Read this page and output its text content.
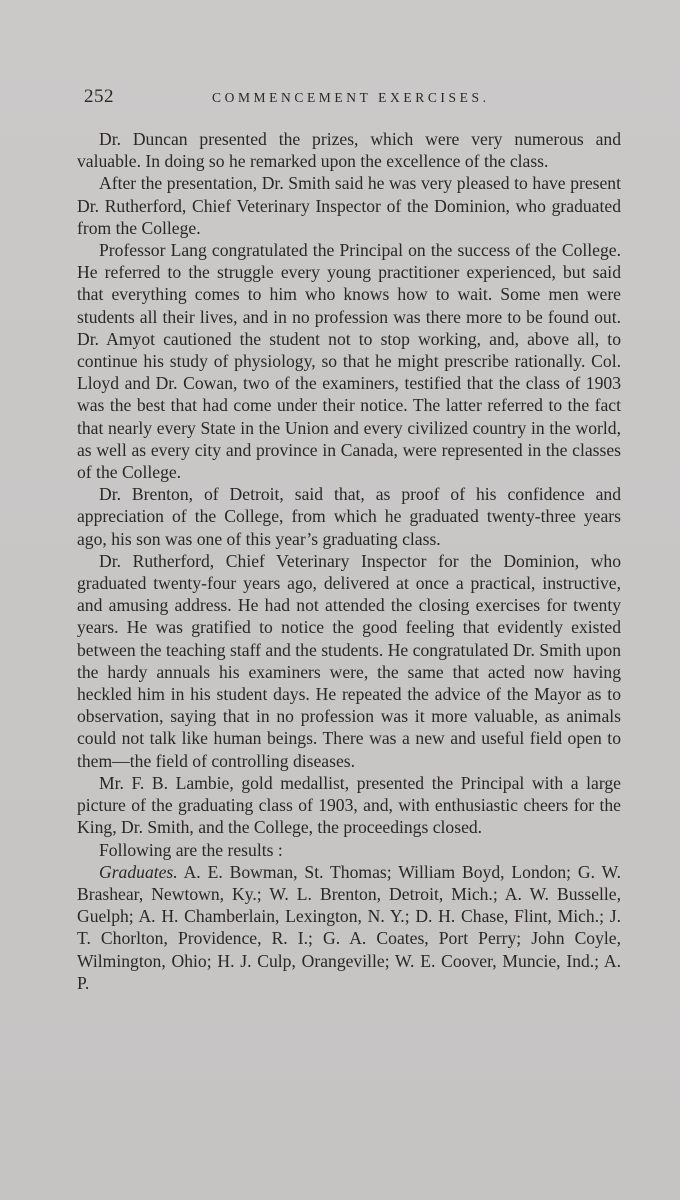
252	COMMENCEMENT EXERCISES.

Dr. Duncan presented the prizes, which were very numerous and valuable. In doing so he remarked upon the excellence of the class.

After the presentation, Dr. Smith said he was very pleased to have present Dr. Rutherford, Chief Veterinary Inspector of the Dominion, who graduated from the College.

Professor Lang congratulated the Principal on the success of the College. He referred to the struggle every young practitioner experienced, but said that everything comes to him who knows how to wait. Some men were students all their lives, and in no profession was there more to be found out. Dr. Amyot cautioned the student not to stop working, and, above all, to continue his study of physiology, so that he might prescribe rationally. Col. Lloyd and Dr. Cowan, two of the examiners, testified that the class of 1903 was the best that had come under their notice. The latter referred to the fact that nearly every State in the Union and every civilized country in the world, as well as every city and province in Canada, were represented in the classes of the College.

Dr. Brenton, of Detroit, said that, as proof of his confidence and appreciation of the College, from which he graduated twenty-three years ago, his son was one of this year’s graduating class.

Dr. Rutherford, Chief Veterinary Inspector for the Dominion, who graduated twenty-four years ago, delivered at once a practical, instructive, and amusing address. He had not attended the closing exercises for twenty years. He was gratified to notice the good feeling that evidently existed between the teaching staff and the students. He congratulated Dr. Smith upon the hardy annuals his examiners were, the same that acted now having heckled him in his student days. He repeated the advice of the Mayor as to observation, saying that in no profession was it more valuable, as animals could not talk like human beings. There was a new and useful field open to them—the field of controlling diseases.

Mr. F. B. Lambie, gold medallist, presented the Principal with a large picture of the graduating class of 1903, and, with enthusiastic cheers for the King, Dr. Smith, and the College, the proceedings closed.

Following are the results :

Graduates. A. E. Bowman, St. Thomas; William Boyd, London; G. W. Brashear, Newtown, Ky.; W. L. Brenton, Detroit, Mich.; A. W. Busselle, Guelph; A. H. Chamberlain, Lexington, N. Y.; D. H. Chase, Flint, Mich.; J. T. Chorlton, Providence, R. I.; G. A. Coates, Port Perry; John Coyle, Wilmington, Ohio; H. J. Culp, Orangeville; W. E. Coover, Muncie, Ind.; A. P.
